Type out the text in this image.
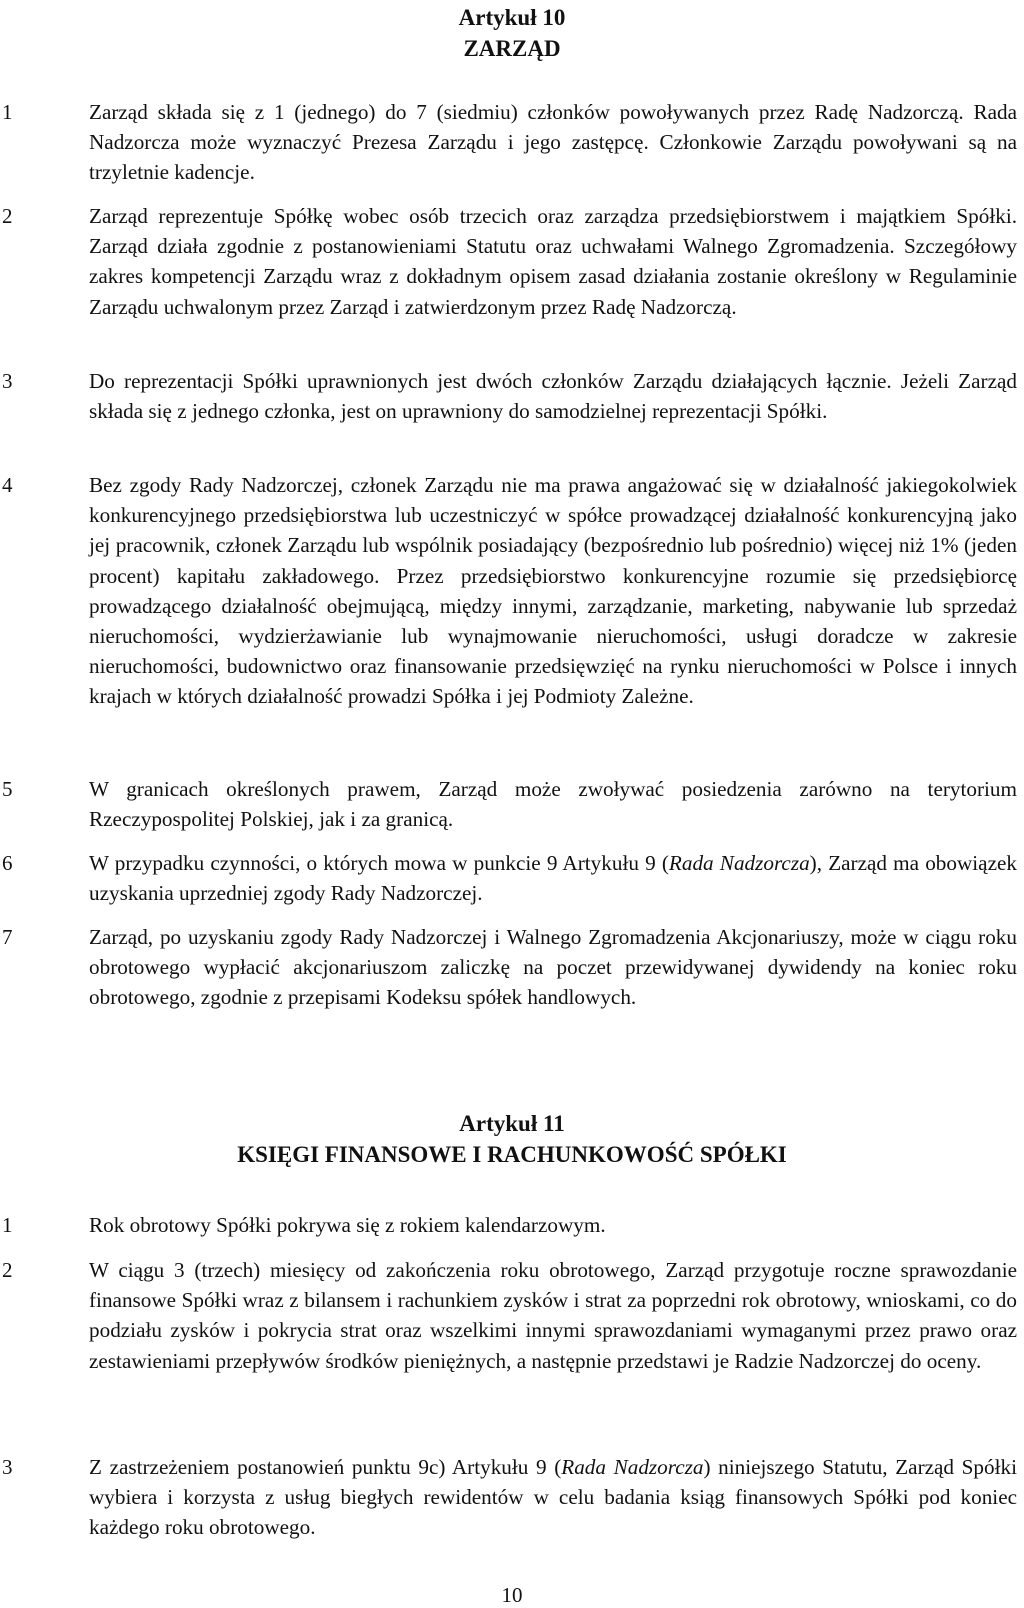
Artykuł 10
ZARZĄD
1	Zarząd składa się z 1 (jednego) do 7 (siedmiu) członków powoływanych przez Radę Nadzorczą. Rada Nadzorcza może wyznaczyć Prezesa Zarządu i jego zastępcę. Członkowie Zarządu powoływani są na trzyletnie kadencje.

2	Zarząd reprezentuje Spółkę wobec osób trzecich oraz zarządza przedsiębiorstwem i majątkiem Spółki. Zarząd działa zgodnie z postanowieniami Statutu oraz uchwałami Walnego Zgromadzenia. Szczegółowy zakres kompetencji Zarządu wraz z dokładnym opisem zasad działania zostanie określony w Regulaminie Zarządu uchwalonym przez Zarząd i zatwierdzonym przez Radę Nadzorczą.

3	Do reprezentacji Spółki uprawnionych jest dwóch członków Zarządu działających łącznie. Jeżeli Zarząd składa się z jednego członka, jest on uprawniony do samodzielnej reprezentacji Spółki.

4	Bez zgody Rady Nadzorczej, członek Zarządu nie ma prawa angażować się w działalność jakiegokolwiek konkurencyjnego przedsiębiorstwa lub uczestniczyć w spółce prowadzącej działalność konkurencyjną jako jej pracownik, członek Zarządu lub wspólnik posiadający (bezpośrednio lub pośrednio) więcej niż 1% (jeden procent) kapitału zakładowego. Przez przedsiębiorstwo konkurencyjne rozumie się przedsiębiorcę prowadzącego działalność obejmującą, między innymi, zarządzanie, marketing, nabywanie lub sprzedaż nieruchomości, wydzierżawianie lub wynajmowanie nieruchomości, usługi doradcze w zakresie nieruchomości, budownictwo oraz finansowanie przedsięwzięć na rynku nieruchomości w Polsce i innych krajach w których działalność prowadzi Spółka i jej Podmioty Zależne.

5	W granicach określonych prawem, Zarząd może zwoływać posiedzenia zarówno na terytorium Rzeczypospolitej Polskiej, jak i za granicą.

6	W przypadku czynności, o których mowa w punkcie 9 Artykułu 9 (Rada Nadzorcza), Zarząd ma obowiązek uzyskania uprzedniej zgody Rady Nadzorczej.

7	Zarząd, po uzyskaniu zgody Rady Nadzorczej i Walnego Zgromadzenia Akcjonariuszy, może w ciągu roku obrotowego wypłacić akcjonariuszom zaliczkę na poczet przewidywanej dywidendy na koniec roku obrotowego, zgodnie z przepisami Kodeksu spółek handlowych.

Artykuł 11
KSIĘGI FINANSOWE I RACHUNKOWOŚĆ SPÓŁKI
1	Rok obrotowy Spółki pokrywa się z rokiem kalendarzowym.

2	W ciągu 3 (trzech) miesięcy od zakończenia roku obrotowego, Zarząd przygotuje roczne sprawozdanie finansowe Spółki wraz z bilansem i rachunkiem zysków i strat za poprzedni rok obrotowy, wnioskami, co do podziału zysków i pokrycia strat oraz wszelkimi innymi sprawozdaniami wymaganymi przez prawo oraz zestawieniami przepływów środków pieniężnych, a następnie przedstawi je Radzie Nadzorczej do oceny.

3	Z zastrzeżeniem postanowień punktu 9c) Artykułu 9 (Rada Nadzorcza) niniejszego Statutu, Zarząd Spółki wybiera i korzysta z usług biegłych rewidentów w celu badania ksiąg finansowych Spółki pod koniec każdego roku obrotowego.

10
